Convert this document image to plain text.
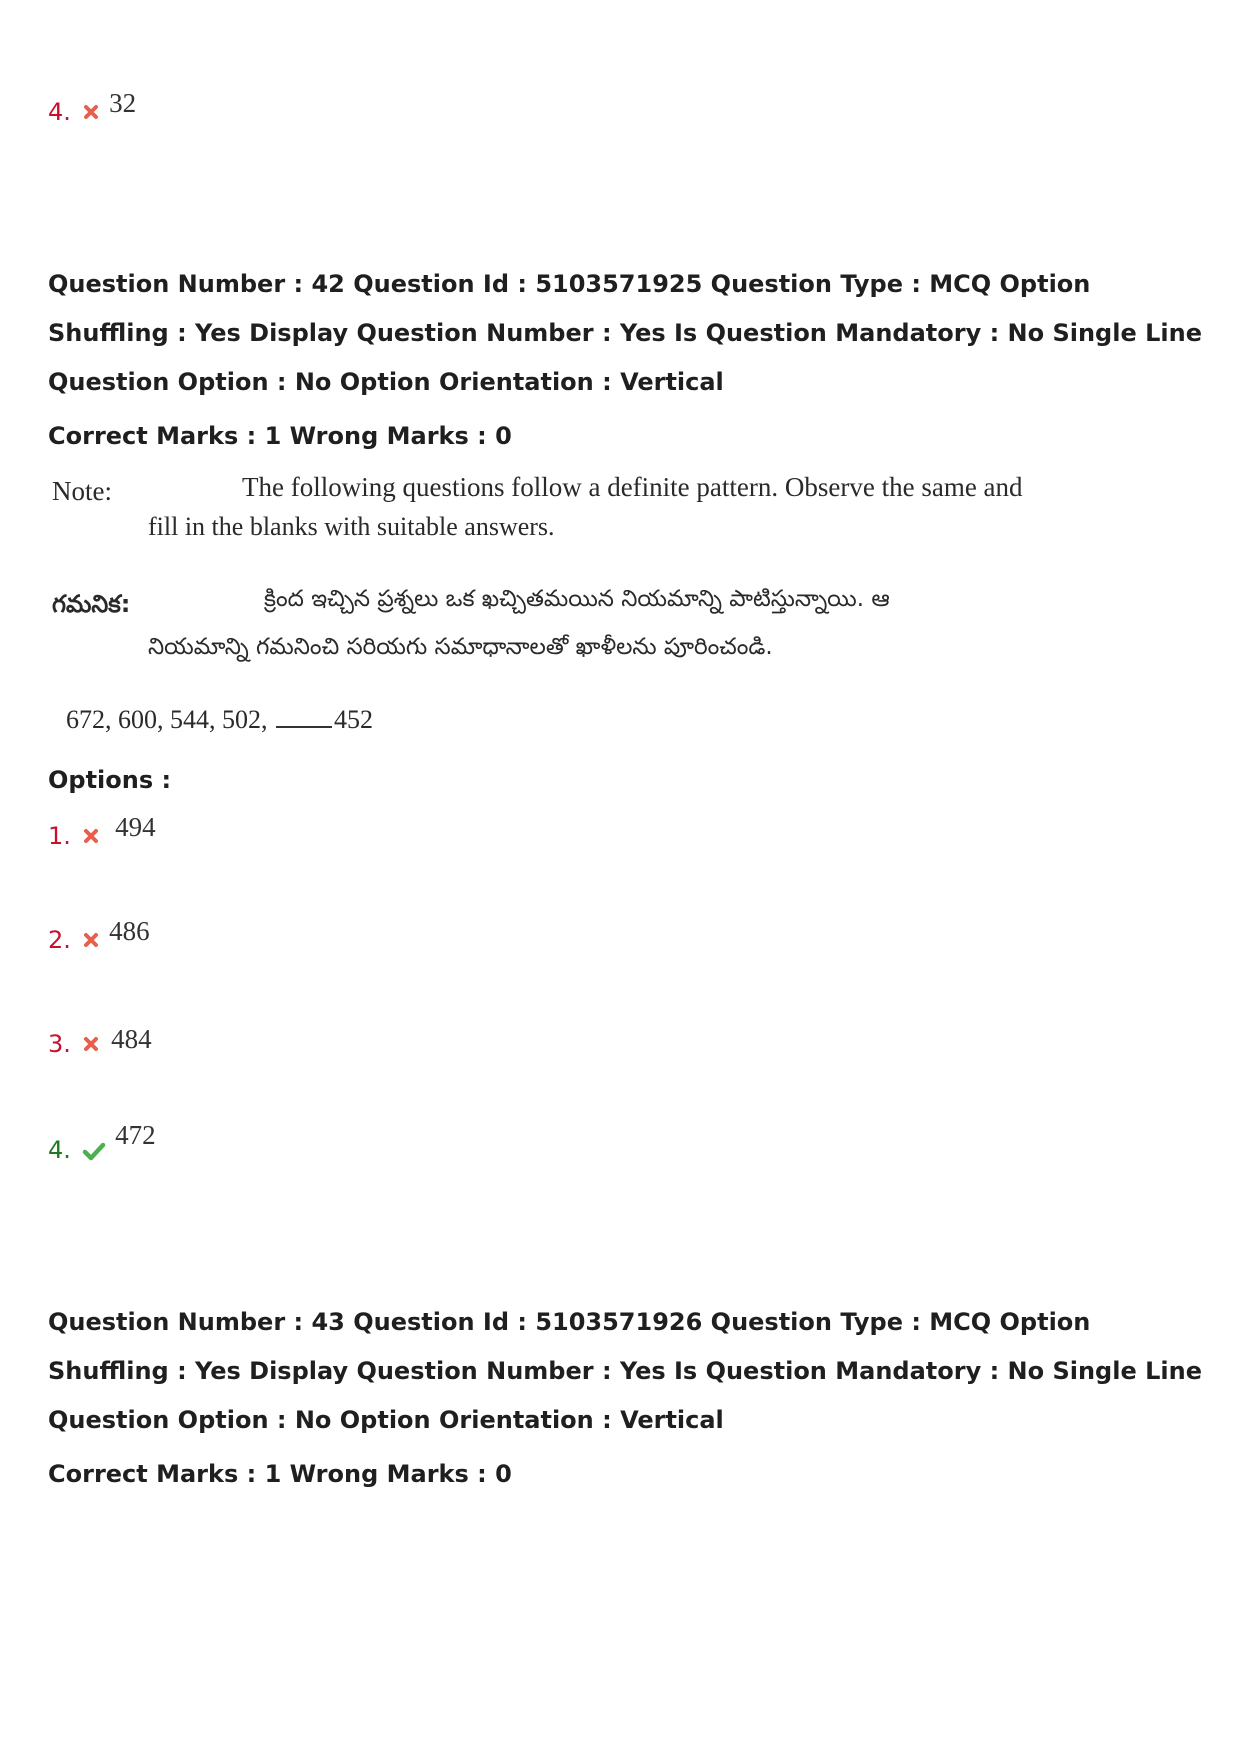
4. 32

Question Number : 42 Question Id : 5103571925 Question Type : MCQ Option Shuffling : Yes Display Question Number : Yes Is Question Mandatory : No Single Line Question Option : No Option Orientation : Vertical

Correct Marks : 1 Wrong Marks : 0
Note:	The following questions follow a definite pattern. Observe the same and
fill in the blanks with suitable answers.
గమనిక:	క్రింద ఇచ్చిన ప్రశ్నలు ఒక ఖచ్చితమయిన నియమాన్ని పాటిస్తున్నాయి. ఆ
నియమాన్ని గమనించి సరియగు సమాధానాలతో ఖాళీలను పూరించండి.
672, 600, 544, 502,	452
Options :
1. 494
2. 486
3. 484
4. 472

Question Number : 43 Question Id : 5103571926 Question Type : MCQ Option Shuffling : Yes Display Question Number : Yes Is Question Mandatory : No Single Line Question Option : No Option Orientation : Vertical

Correct Marks : 1 Wrong Marks : 0
